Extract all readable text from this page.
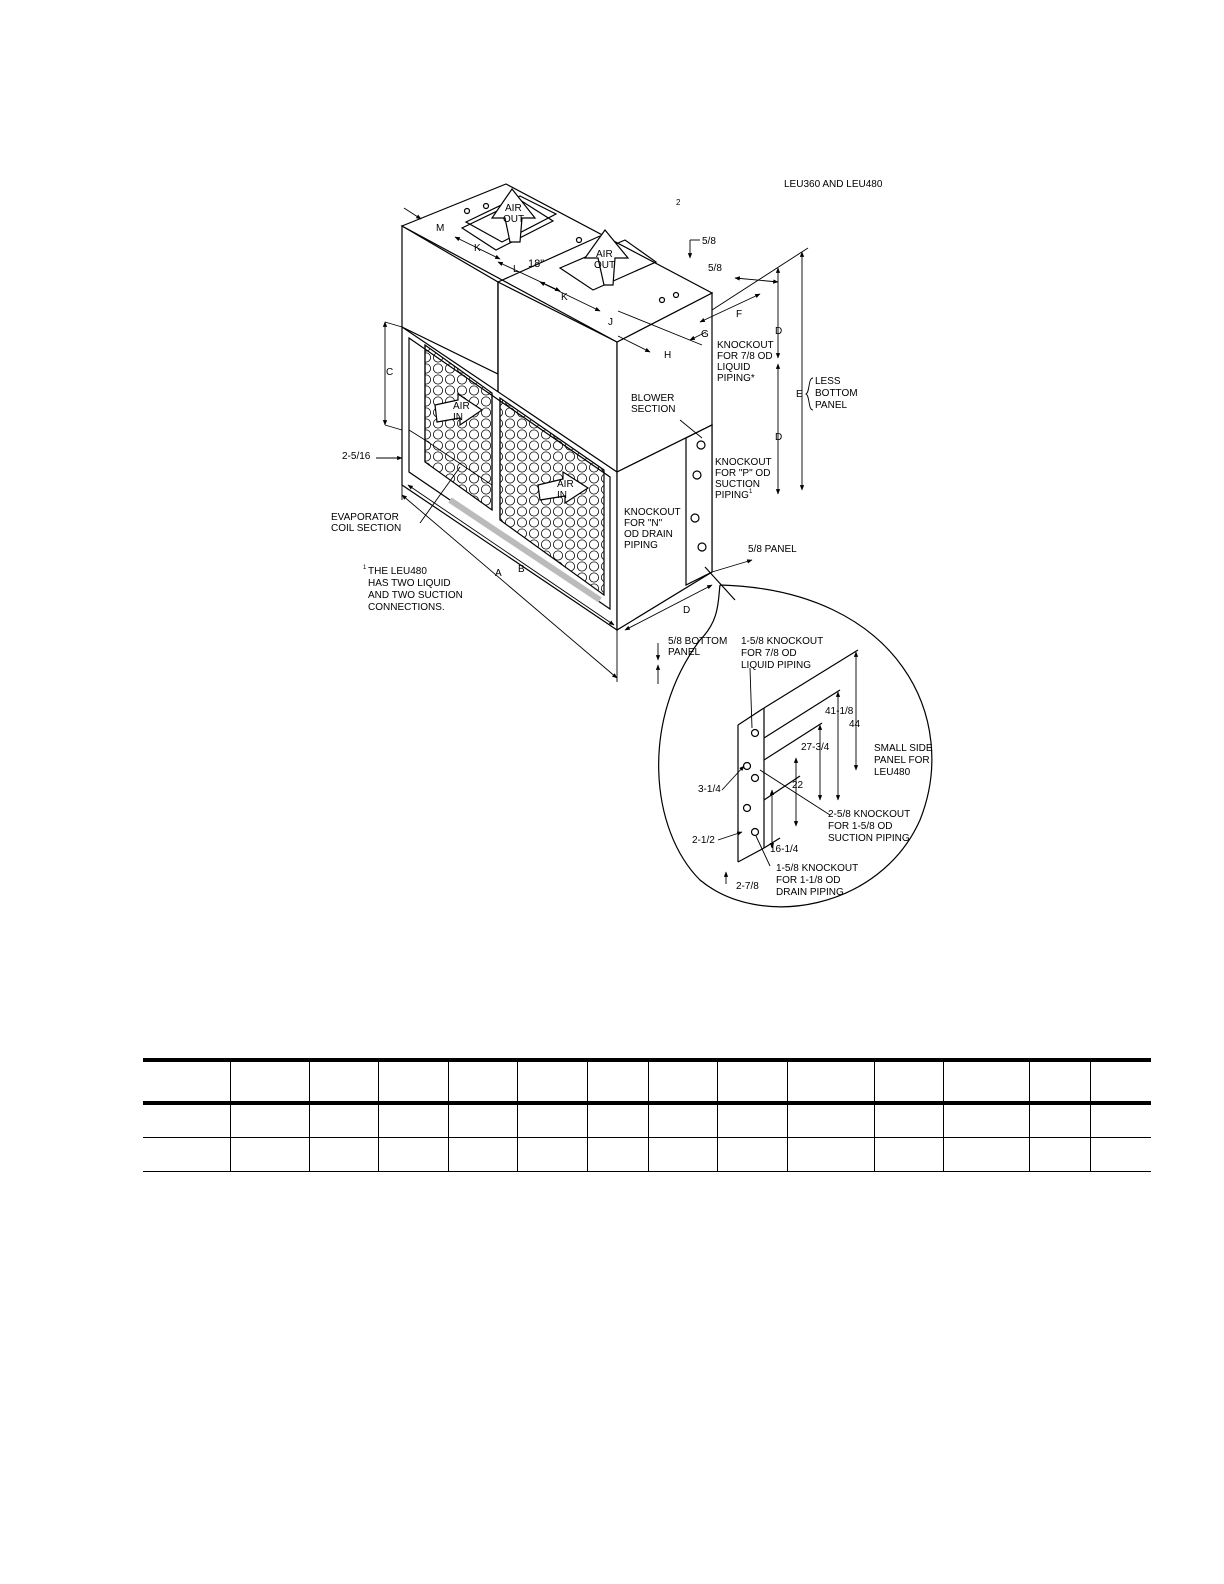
LEU360 AND LEU480
2
AIR
OUT
AIR
OUT
AIR
IN
AIR
IN
BLOWER
SECTION
EVAPORATOR
COIL SECTION
KNOCKOUT
FOR 7/8 OD
LIQUID
PIPING*
KNOCKOUT
FOR "P" OD
SUCTION
PIPING 1
KNOCKOUT
FOR "N"
OD DRAIN
PIPING
LESS
BOTTOM
PANEL
5/8 PANEL
5/8 BOTTOM
PANEL
1 THE LEU480
HAS TWO LIQUID
AND TWO SUCTION
CONNECTIONS.
M
K
18"
L
K
J
H
G
F
5/8
5/8
D
D
E
C
2-5/16
A B
D
1-5/8 KNOCKOUT
FOR 7/8 OD
LIQUID PIPING
41-1/8
44
27-3/4	SMALL SIDE
PANEL FOR
LEU480
22
3-1/4
2-5/8 KNOCKOUT
FOR 1-5/8 OD
SUCTION PIPING
2-1/2
16-1/4
1-5/8 KNOCKOUT
FOR 1-1/8 OD
DRAIN PIPING
2-7/8
